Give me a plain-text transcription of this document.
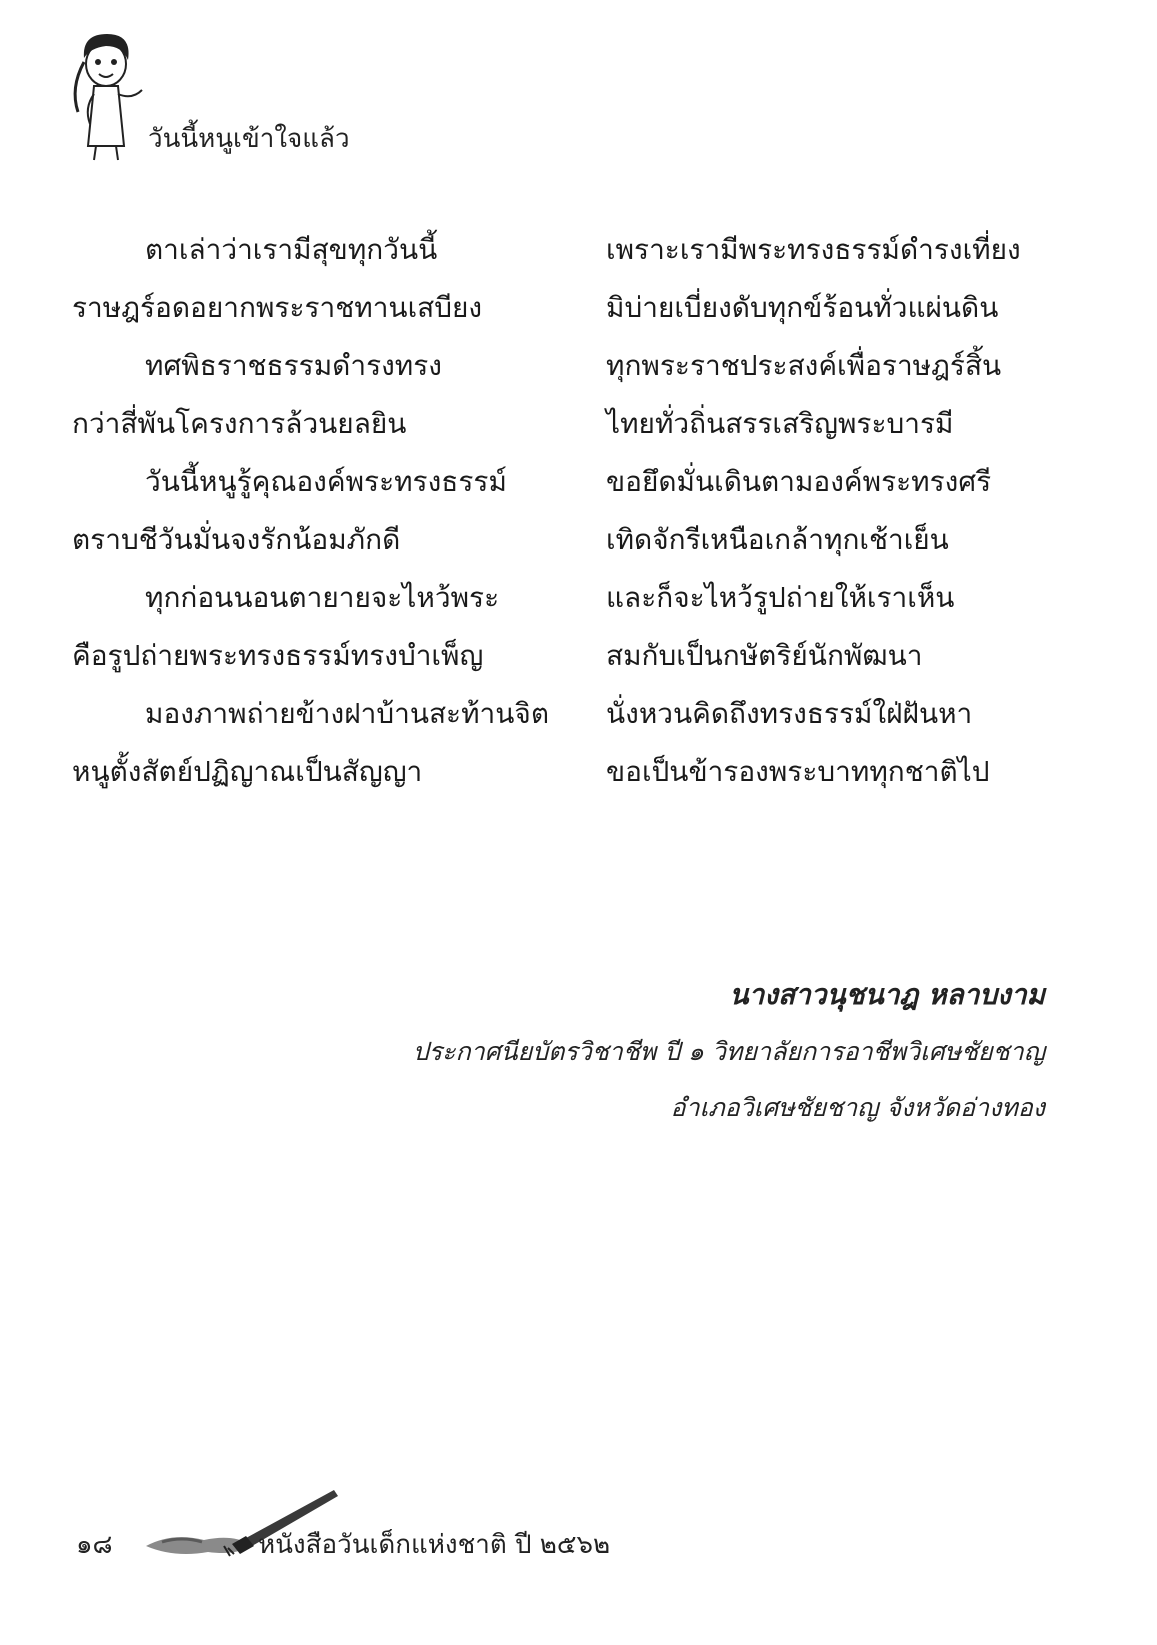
วันนี้หนูเข้าใจแล้ว
ตาเล่าว่าเรามีสุขทุกวันนี้	เพราะเรามีพระทรงธรรม์ดำรงเที่ยง
ราษฎร์อดอยากพระราชทานเสบียง	มิบ่ายเบี่ยงดับทุกข์ร้อนทั่วแผ่นดิน
ทศพิธราชธรรมดำรงทรง	ทุกพระราชประสงค์เพื่อราษฎร์สิ้น
กว่าสี่พันโครงการล้วนยลยิน	ไทยทั่วถิ่นสรรเสริญพระบารมี
วันนี้หนูรู้คุณองค์พระทรงธรรม์	ขอยึดมั่นเดินตามองค์พระทรงศรี
ตราบชีวันมั่นจงรักน้อมภักดี	เทิดจักรีเหนือเกล้าทุกเช้าเย็น
ทุกก่อนนอนตายายจะไหว้พระ	และก็จะไหว้รูปถ่ายให้เราเห็น
คือรูปถ่ายพระทรงธรรม์ทรงบำเพ็ญ	สมกับเป็นกษัตริย์นักพัฒนา
มองภาพถ่ายข้างฝาบ้านสะท้านจิต นั่งหวนคิดถึงทรงธรรม์ใฝ่ฝันหา
หนูตั้งสัตย์ปฏิญาณเป็นสัญญา	ขอเป็นข้ารองพระบาททุกชาติไป
นางสาวนุชนาฎ หลาบงาม
ประกาศนียบัตรวิชาชีพ ปี ๑ วิทยาลัยการอาชีพวิเศษชัยชาญ
อำเภอวิเศษชัยชาญ จังหวัดอ่างทอง
๑๘	หนังสือวันเด็กแห่งชาติ ปี ๒๕๖๒
